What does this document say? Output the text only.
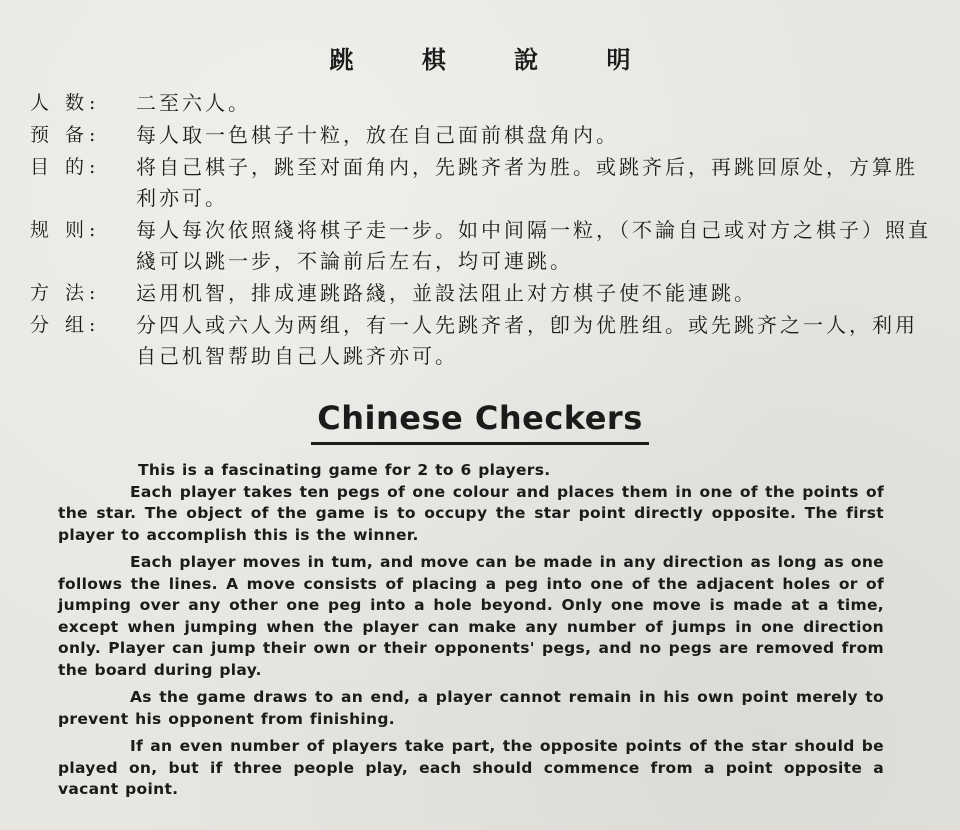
跳 棋 說 明
人 数:	二至六人。
预 备:	每人取一色棋子十粒，放在自己面前棋盘角内。
目 的:	将自己棋子，跳至对面角内，先跳齐者为胜。或跳齐后，再跳回原处，方算胜利亦可。
规 则:	每人每次依照綫将棋子走一步。如中间隔一粒，（不論自己或对方之棋子）照直綫可以跳一步，不論前后左右，均可連跳。
方 法:	运用机智，排成連跳路綫，並設法阻止对方棋子使不能連跳。
分 组:	分四人或六人为两组，有一人先跳齐者，卽为优胜组。或先跳齐之一人，利用自己机智帮助自己人跳齐亦可。
Chinese Checkers

This is a fascinating game for 2 to 6 players.

Each player takes ten pegs of one colour and places them in one of the points of the star. The object of the game is to occupy the star point directly opposite. The first player to accomplish this is the winner.

Each player moves in tum, and move can be made in any direction as long as one follows the lines. A move consists of placing a peg into one of the adjacent holes or of jumping over any other one peg into a hole beyond. Only one move is made at a time, except when jumping when the player can make any number of jumps in one direction only. Player can jump their own or their opponents' pegs, and no pegs are removed from the board during play.

As the game draws to an end, a player cannot remain in his own point merely to prevent his opponent from finishing.

If an even number of players take part, the opposite points of the star should be played on, but if three people play, each should commence from a point opposite a vacant point.
